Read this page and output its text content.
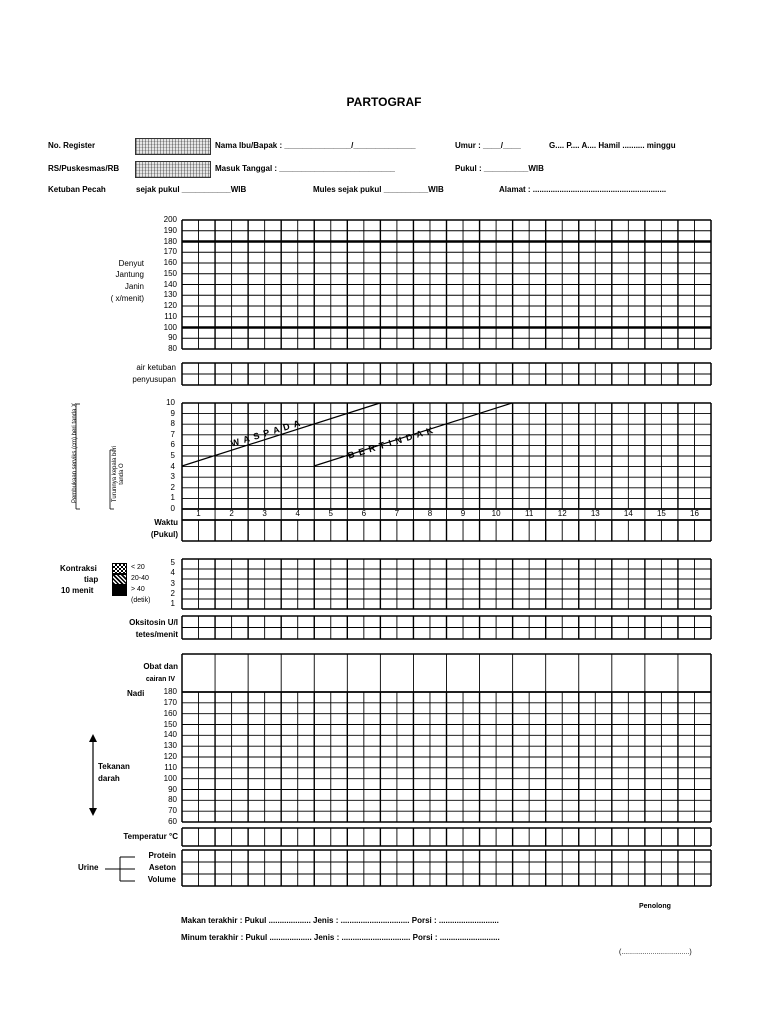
PARTOGRAF
No. Register	Nama Ibu/Bapak : _______________/______________	Umur : ____/____	G.... P.... A.... Hamil .......... minggu
RS/Puskesmas/RB	Masuk Tanggal : __________________________	Pukul : __________WIB
Ketuban Pecah	sejak pukul ___________WIB	Mules sejak pukul __________WIB	Alamat : ............................................................
Denyut
Jantung
Janin
( x/menit)
200
190
180
170
160
150
140
130
120
110
100
90
80
air ketuban
penyusupan
Pembukaan serviks (cm) beri tanda X	Turunnya kepala beri tanda O
10
9
8
7
6
5
4
3
2
1
0
W A S P A D A	B E R T I N D A K
1	2	3	4	5	6	7	8	9	10	11	12	13	14	15	16
Waktu
(Pukul)
Kontraksi
tiap
10 menit
< 20
20-40
> 40
(detik)
5
4
3
2
1
Oksitosin U/I
tetes/menit
Obat dan
cairan IV
Nadi
Tekanan
darah
180
170
160
150
140
130
120
110
100
90
80
70
60
Temperatur °C
Urine
Protein
Aseton
Volume
Penolong
Makan terakhir : Pukul ................... Jenis : ............................... Porsi : ...........................
Minum terakhir : Pukul ................... Jenis : ............................... Porsi : ...........................
(...................................)
